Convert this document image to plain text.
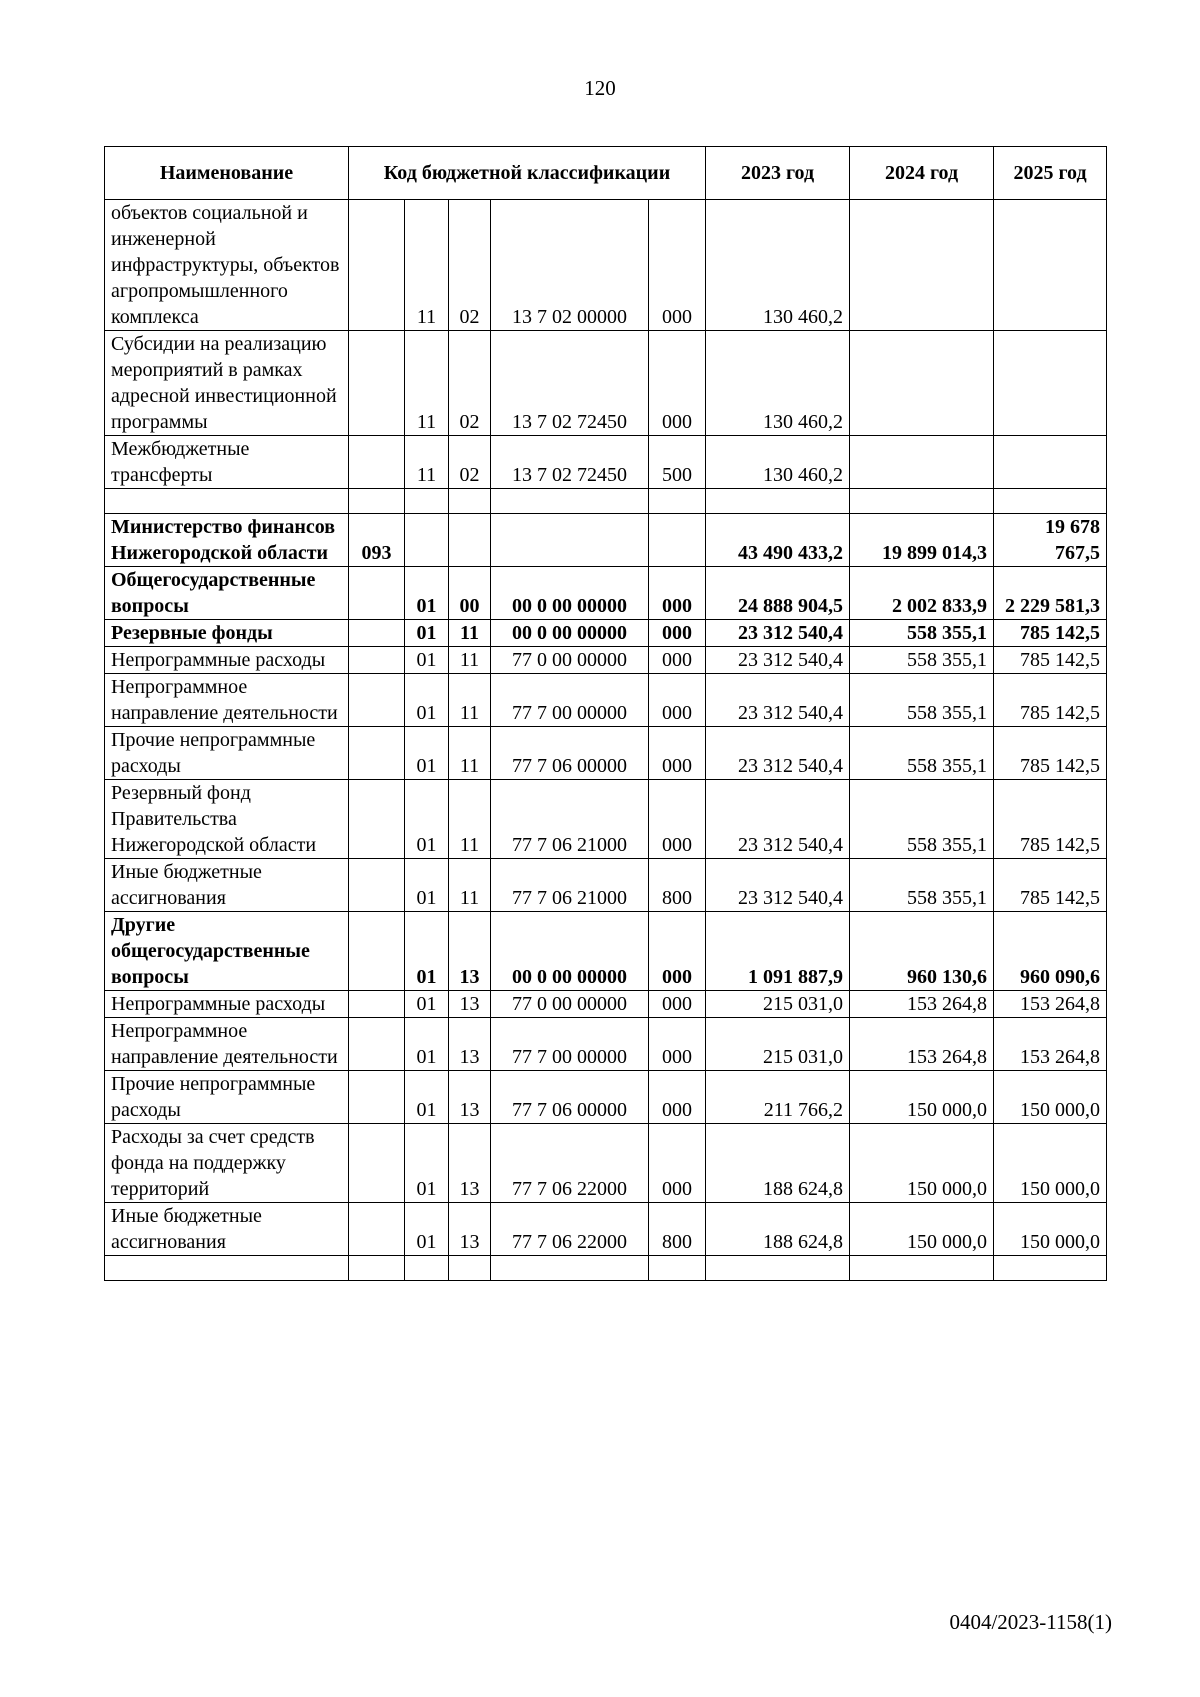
120
Наименование	Код бюджетной классификации					2023 год	2024 год	2025 год
объектов социальной и инженерной инфраструктуры, объектов агропромышленного комплекса		11	02	13 7 02 00000	000	130 460,2		
Субсидии на реализацию мероприятий в рамках адресной инвестиционной программы		11	02	13 7 02 72450	000	130 460,2		
Межбюджетные трансферты		11	02	13 7 02 72450	500	130 460,2		

Министерство финансов Нижегородской области	093					43 490 433,2	19 899 014,3	19 678 767,5
Общегосударственные вопросы		01	00	00 0 00 00000	000	24 888 904,5	2 002 833,9	2 229 581,3
Резервные фонды		01	11	00 0 00 00000	000	23 312 540,4	558 355,1	785 142,5
Непрограммные расходы		01	11	77 0 00 00000	000	23 312 540,4	558 355,1	785 142,5
Непрограммное направление деятельности		01	11	77 7 00 00000	000	23 312 540,4	558 355,1	785 142,5
Прочие непрограммные расходы		01	11	77 7 06 00000	000	23 312 540,4	558 355,1	785 142,5
Резервный фонд Правительства Нижегородской области		01	11	77 7 06 21000	000	23 312 540,4	558 355,1	785 142,5
Иные бюджетные ассигнования		01	11	77 7 06 21000	800	23 312 540,4	558 355,1	785 142,5
Другие общегосударственные вопросы		01	13	00 0 00 00000	000	1 091 887,9	960 130,6	960 090,6
Непрограммные расходы		01	13	77 0 00 00000	000	215 031,0	153 264,8	153 264,8
Непрограммное направление деятельности		01	13	77 7 00 00000	000	215 031,0	153 264,8	153 264,8
Прочие непрограммные расходы		01	13	77 7 06 00000	000	211 766,2	150 000,0	150 000,0
Расходы за счет средств фонда на поддержку территорий		01	13	77 7 06 22000	000	188 624,8	150 000,0	150 000,0
Иные бюджетные ассигнования		01	13	77 7 06 22000	800	188 624,8	150 000,0	150 000,0

0404/2023-1158(1)
